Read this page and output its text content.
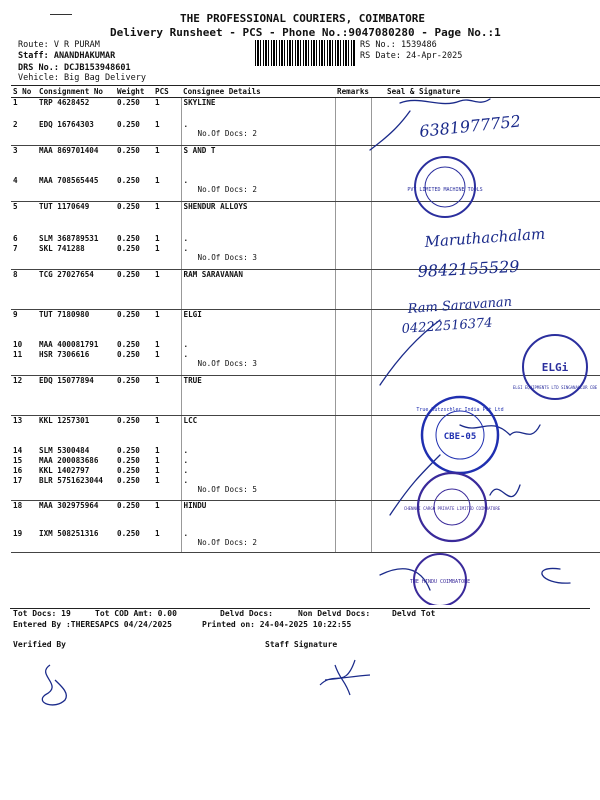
THE PROFESSIONAL COURIERS, COIMBATORE
Delivery Runsheet - PCS - Phone No.:9047080280 - Page No.:1
Route: V R PURAM
Staff: ANANDHAKUMAR
DRS No.: DCJB153948601
Vehicle: Big Bag Delivery
RS No.: 1539486
RS Date: 24-Apr-2025
S No	Consignment No	Weight	PCS	Consignee Details	Remarks	Seal & Signature
1	TRP 4628452	0.250	1	SKYLINE		
2	EDQ 16764303	0.250	1	.
No.Of Docs: 2		

3	MAA 869701404	0.250	1	S AND T		
4	MAA 708565445	0.250	1	.
No.Of Docs: 2		

5	TUT 1170649	0.250	1	SHENDUR ALLOYS		
6	SLM 368789531	0.250	1	.		
7	SKL 741288	0.250	1	.
No.Of Docs: 3		

8	TCG 27027654	0.250	1	RAM SARAVANAN		
9	TUT 7180980	0.250	1	ELGI		
10	MAA 400081791	0.250	1	.		
11	HSR 7306616	0.250	1	.
No.Of Docs: 3		

12	EDQ 15077894	0.250	1	TRUE		
13	KKL 1257301	0.250	1	LCC		
14	SLM 5300484	0.250	1	.		
15	MAA 200083686	0.250	1	.		
16	KKL 1402797	0.250	1	.		
17	BLR 5751623044	0.250	1	.
No.Of Docs: 5		

18	MAA 302975964	0.250	1	HINDU		
19	IXM 508251316	0.250	1	.
No.Of Docs: 2		

6381977752
Maruthachalam
9842155529
Ram Saravanan
04222516374
PVT LIMITED MACHINE TOOLS
ELGi
ELGI EQUIPMENTS LTD SINGANALLUR CBE
CBE-05
True Kutzschler India Pvt Ltd
CHENNAI CARGO PRIVATE LIMITED COIMBATORE
THE HINDU COIMBATORE
Tot Docs: 19	Tot COD Amt: 0.00	Delvd Docs:	Non Delvd Docs:	Delvd Tot
Entered By :THERESAPCS 04/24/2025	Printed on: 24-04-2025 10:22:55
Verified By	Staff Signature
